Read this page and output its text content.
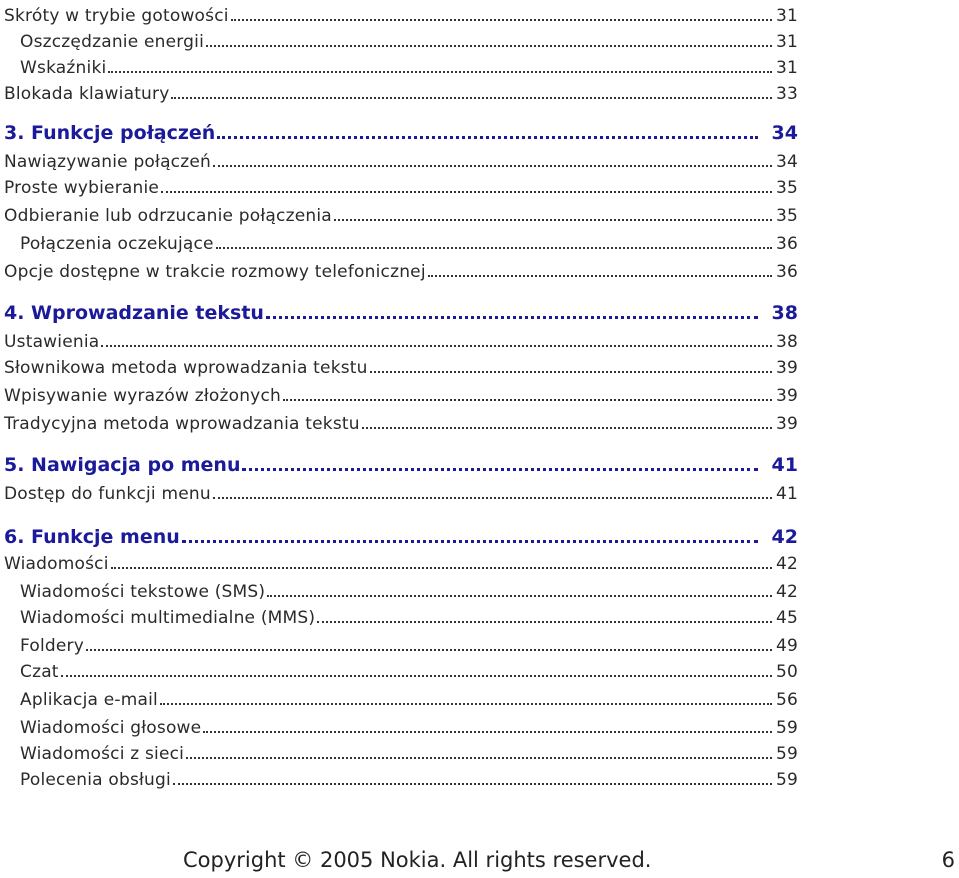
Skróty w trybie gotowości	31
Oszczędzanie energii	31
Wskaźniki	31
Blokada klawiatury	33
3. Funkcje połączeń	34
Nawiązywanie połączeń	34
Proste wybieranie	35
Odbieranie lub odrzucanie połączenia	35
Połączenia oczekujące	36
Opcje dostępne w trakcie rozmowy telefonicznej	36
4. Wprowadzanie tekstu	38
Ustawienia	38
Słownikowa metoda wprowadzania tekstu	39
Wpisywanie wyrazów złożonych	39
Tradycyjna metoda wprowadzania tekstu	39
5. Nawigacja po menu	41
Dostęp do funkcji menu	41
6. Funkcje menu	42
Wiadomości	42
Wiadomości tekstowe (SMS)	42
Wiadomości multimedialne (MMS)	45
Foldery	49
Czat	50
Aplikacja e-mail	56
Wiadomości głosowe	59
Wiadomości z sieci	59
Polecenia obsługi	59
Copyright © 2005 Nokia. All rights reserved.	6
